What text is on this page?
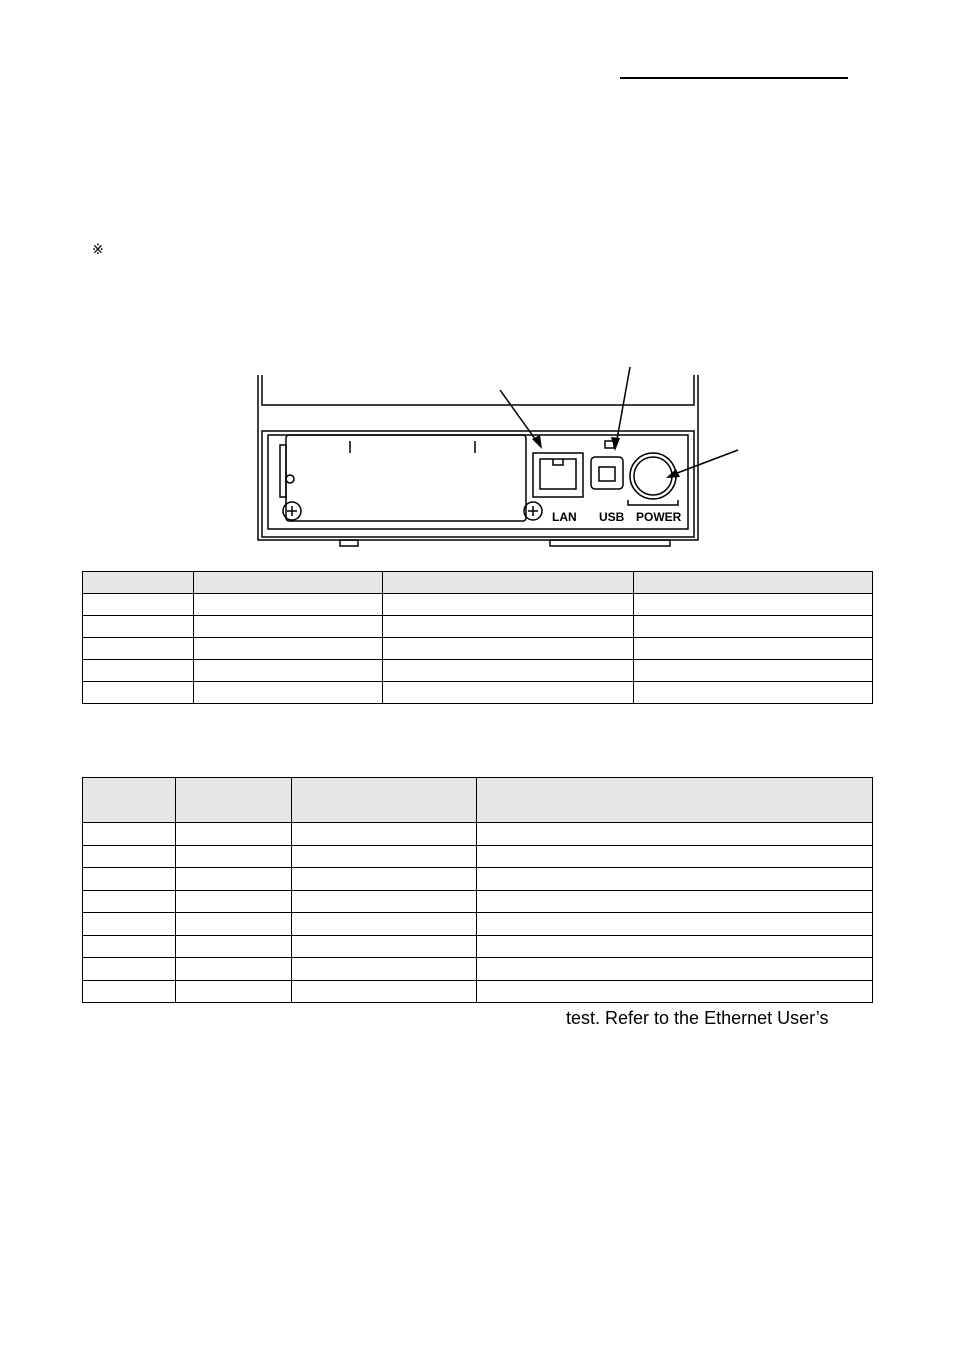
※
LAN USB POWER

test. Refer to the Ethernet User’s
